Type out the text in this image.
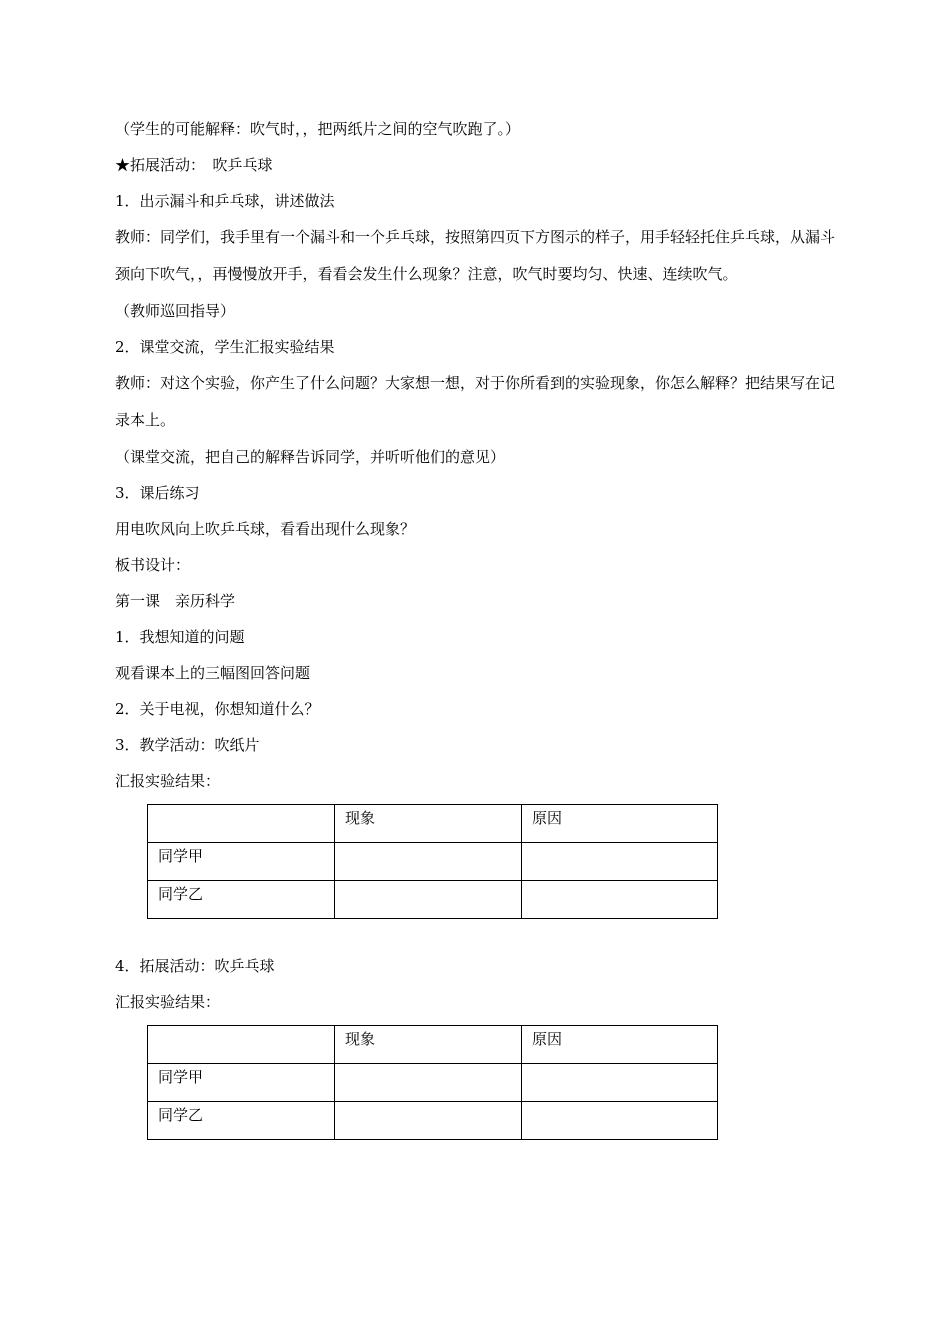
（学生的可能解释：吹气时，，把两纸片之间的空气吹跑了。）

★拓展活动：　吹乒乓球

1．出示漏斗和乒乓球，讲述做法

教师：同学们，我手里有一个漏斗和一个乒乓球，按照第四页下方图示的样子，用手轻轻托住乒乓球，从漏斗颈向下吹气，，再慢慢放开手，看看会发生什么现象？注意，吹气时要均匀、快速、连续吹气。

（教师巡回指导）

2．课堂交流，学生汇报实验结果

教师：对这个实验，你产生了什么问题？大家想一想，对于你所看到的实验现象，你怎么解释？把结果写在记录本上。

（课堂交流，把自己的解释告诉同学，并听听他们的意见）

3．课后练习

用电吹风向上吹乒乓球，看看出现什么现象？

板书设计：

第一课　亲历科学

1．我想知道的问题

观看课本上的三幅图回答问题

2．关于电视，你想知道什么？

3．教学活动：吹纸片

汇报实验结果：

	现象	原因
同学甲		
同学乙		

4．拓展活动：吹乒乓球

汇报实验结果：

	现象	原因
同学甲		
同学乙		
